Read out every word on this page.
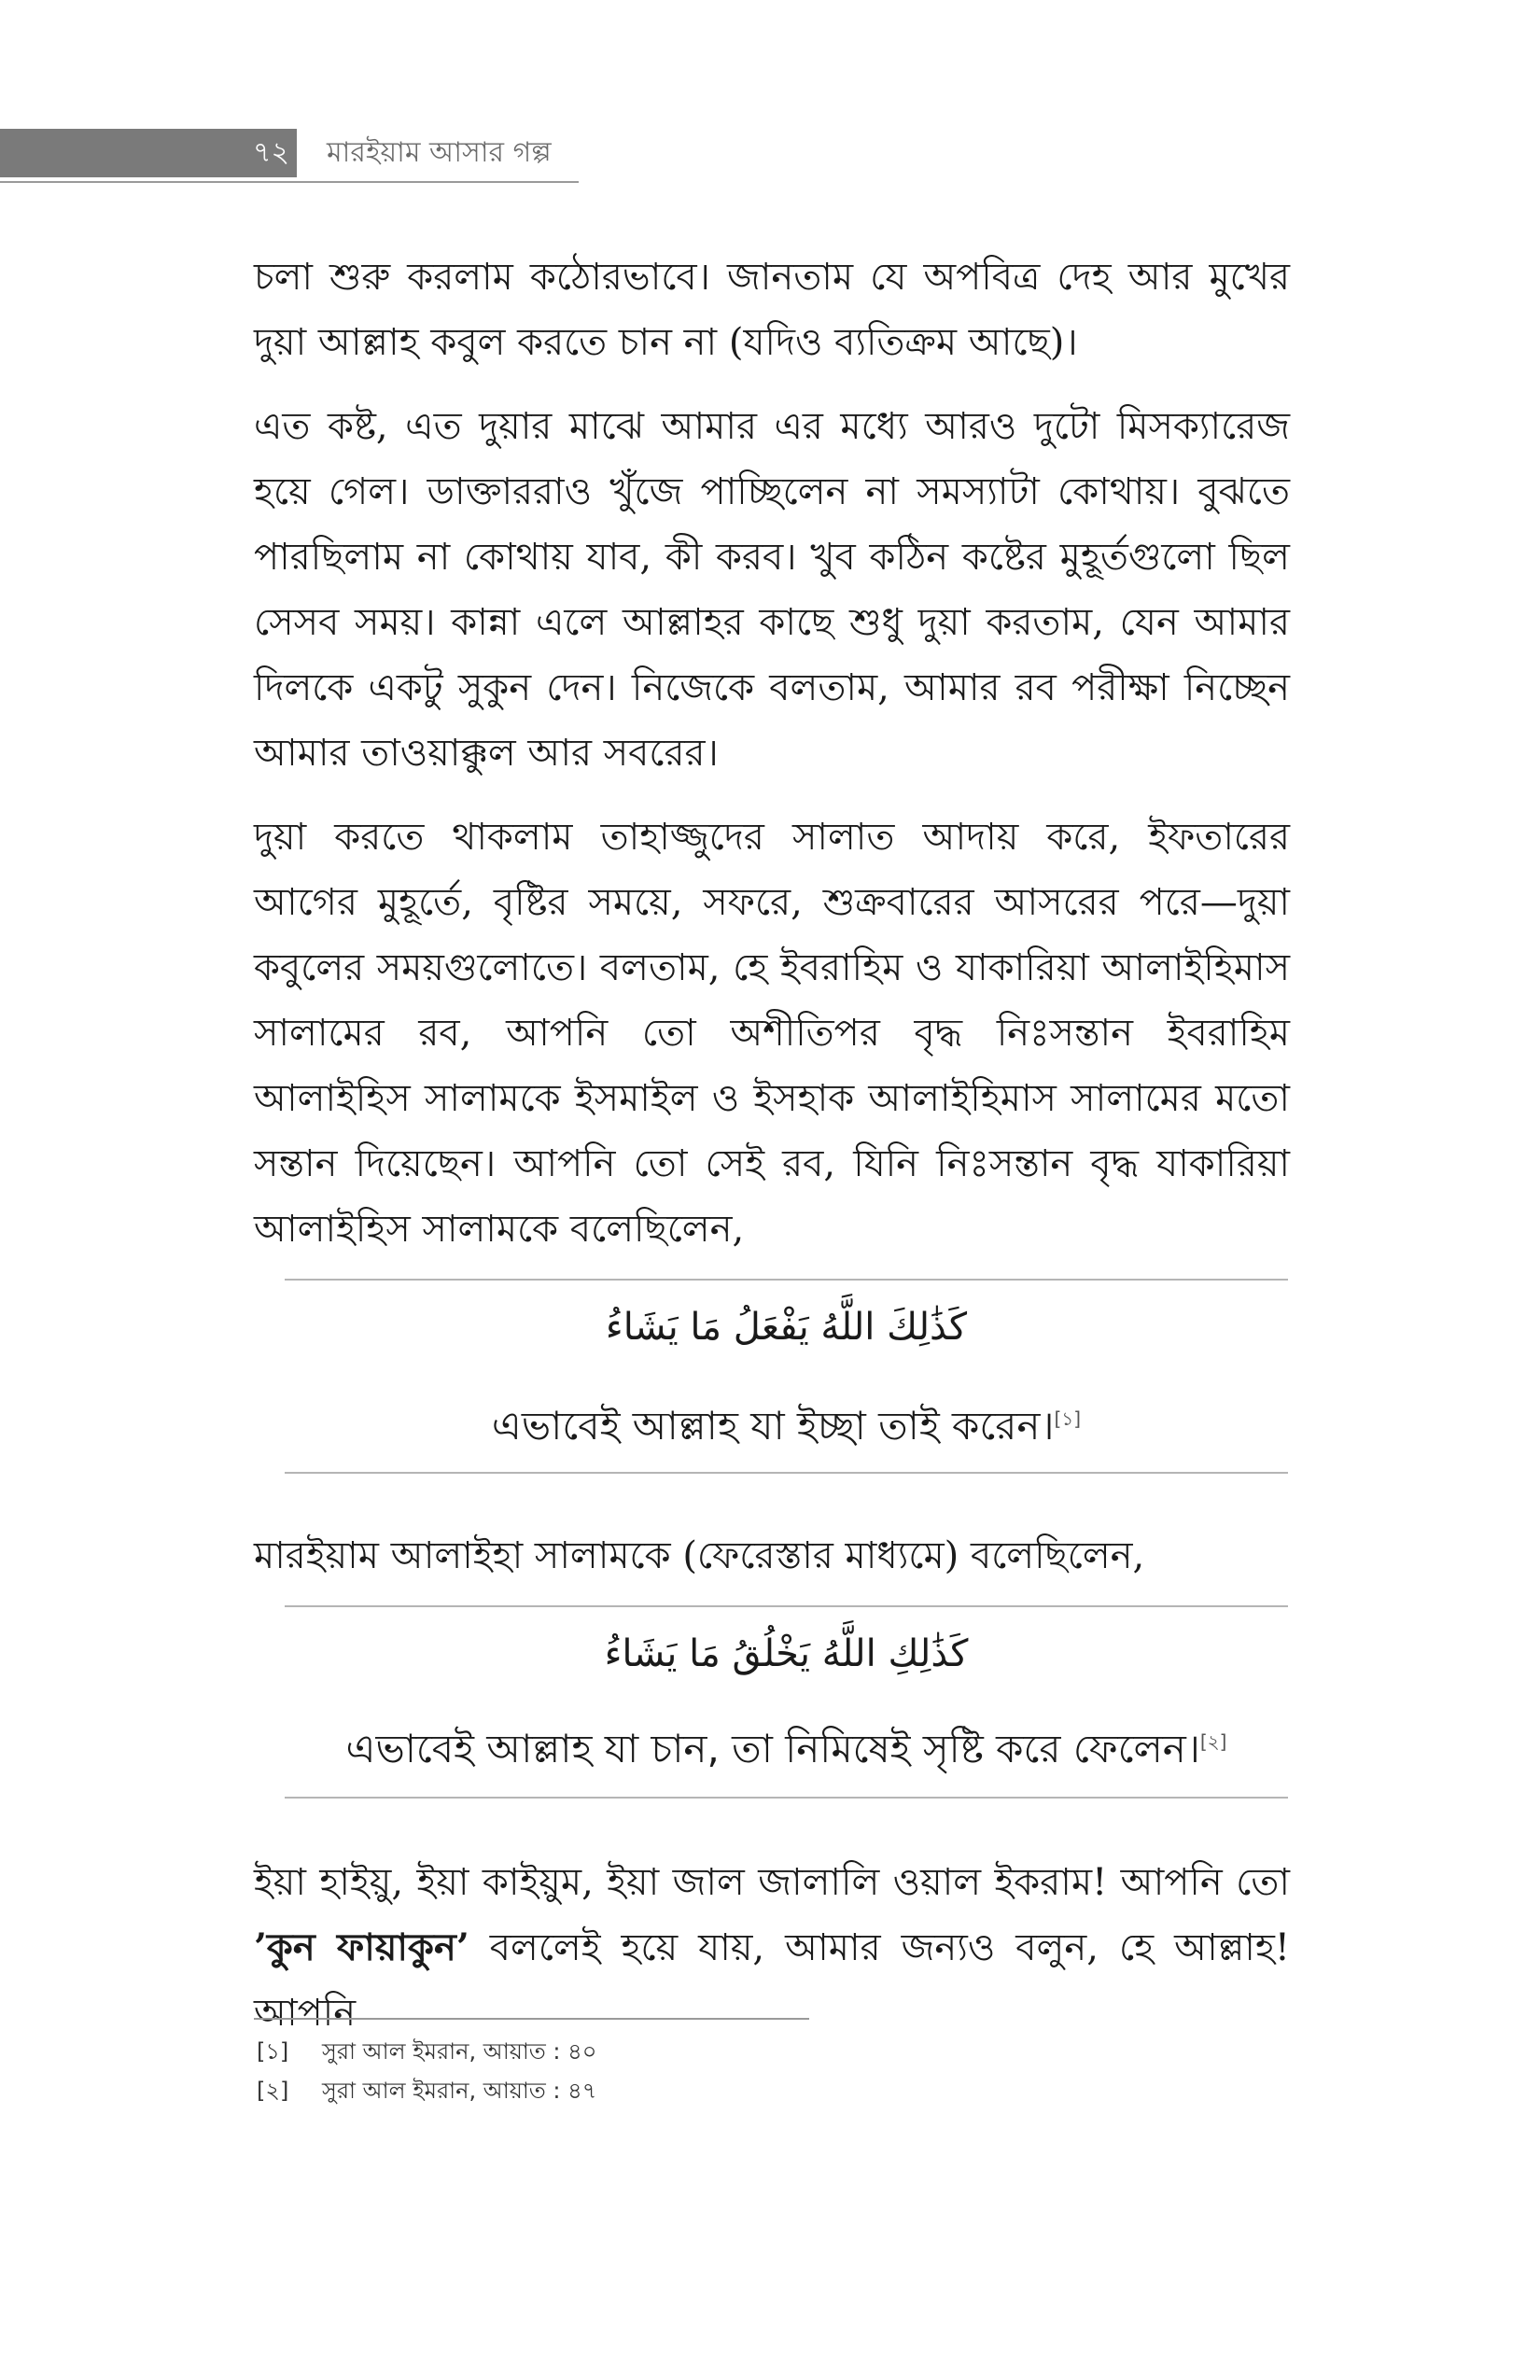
৭২ মারইয়াম আসার গল্প

চলা শুরু করলাম কঠোরভাবে। জানতাম যে অপবিত্র দেহ আর মুখের দুয়া আল্লাহ কবুল করতে চান না (যদিও ব্যতিক্রম আছে)।

এত কষ্ট, এত দুয়ার মাঝে আমার এর মধ্যে আরও দুটো মিসক্যারেজ হয়ে গেল। ডাক্তাররাও খুঁজে পাচ্ছিলেন না সমস্যাটা কোথায়। বুঝতে পারছিলাম না কোথায় যাব, কী করব। খুব কঠিন কষ্টের মুহূর্তগুলো ছিল সেসব সময়। কান্না এলে আল্লাহর কাছে শুধু দুয়া করতাম, যেন আমার দিলকে একটু সুকুন দেন। নিজেকে বলতাম, আমার রব পরীক্ষা নিচ্ছেন আমার তাওয়াক্কুল আর সবরের।

দুয়া করতে থাকলাম তাহাজ্জুদের সালাত আদায় করে, ইফতারের আগের মুহূর্তে, বৃষ্টির সময়ে, সফরে, শুক্রবারের আসরের পরে—দুয়া কবুলের সময়গুলোতে। বলতাম, হে ইবরাহিম ও যাকারিয়া আলাইহিমাস সালামের রব, আপনি তো অশীতিপর বৃদ্ধ নিঃসন্তান ইবরাহিম আলাইহিস সালামকে ইসমাইল ও ইসহাক আলাইহিমাস সালামের মতো সন্তান দিয়েছেন। আপনি তো সেই রব, যিনি নিঃসন্তান বৃদ্ধ যাকারিয়া আলাইহিস সালামকে বলেছিলেন,

كَذَٰلِكَ اللَّهُ يَفْعَلُ مَا يَشَاءُ
এভাবেই আল্লাহ যা ইচ্ছা তাই করেন।[১]

মারইয়াম আলাইহা সালামকে (ফেরেস্তার মাধ্যমে) বলেছিলেন,

كَذَٰلِكِ اللَّهُ يَخْلُقُ مَا يَشَاءُ
এভাবেই আল্লাহ যা চান, তা নিমিষেই সৃষ্টি করে ফেলেন।[২]

ইয়া হাইয়ু, ইয়া কাইয়ুম, ইয়া জাল জালালি ওয়াল ইকরাম! আপনি তো ’কুন ফায়াকুন’ বললেই হয়ে যায়, আমার জন্যও বলুন, হে আল্লাহ! আপনি

[১] সুরা আল ইমরান, আয়াত : ৪০
[২] সুরা আল ইমরান, আয়াত : ৪৭
